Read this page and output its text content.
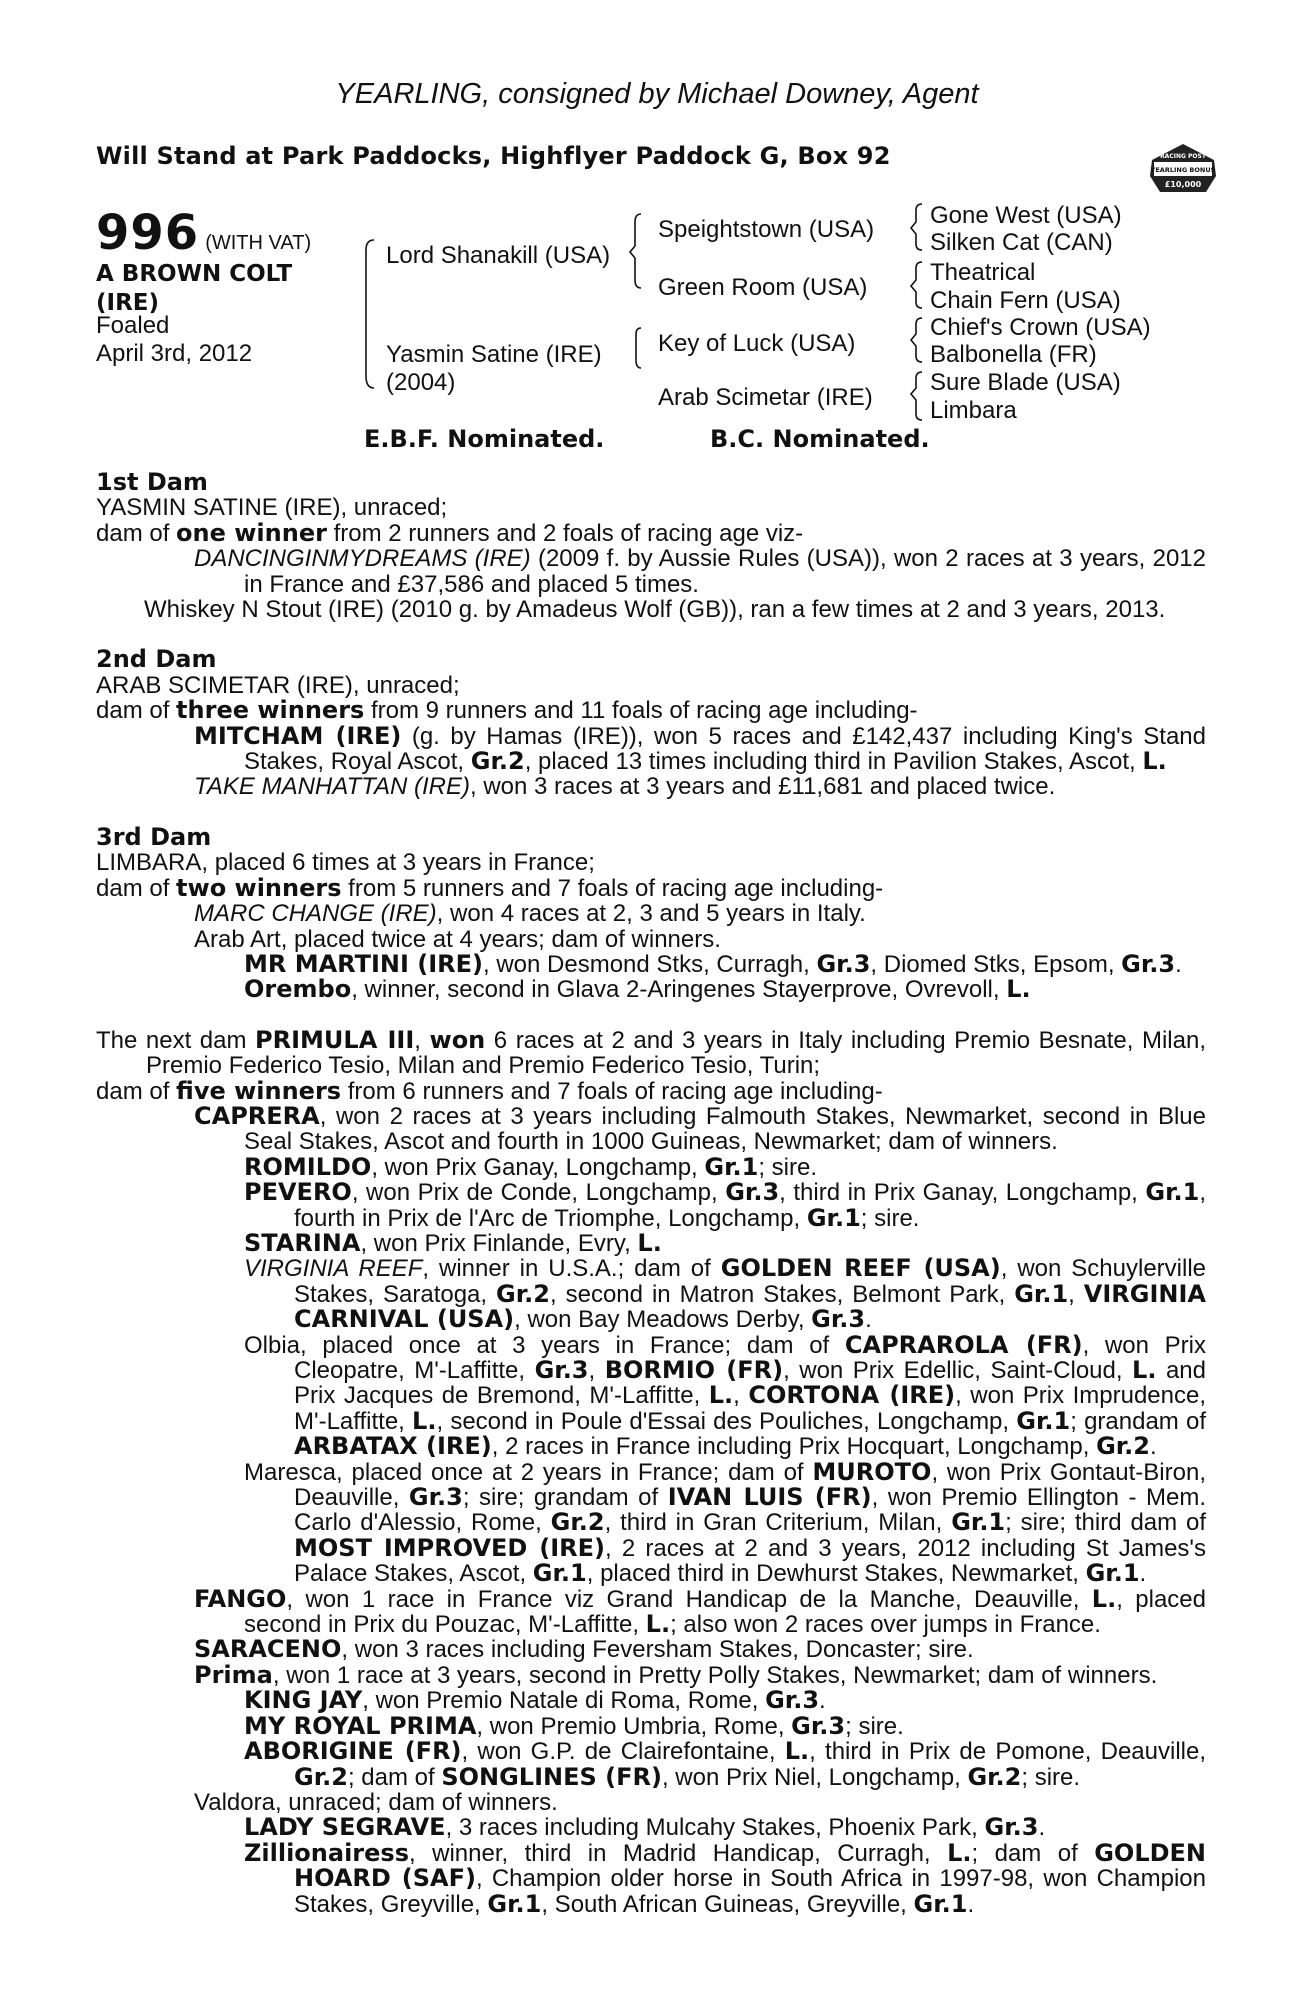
YEARLING, consigned by Michael Downey, Agent
Will Stand at Park Paddocks, Highflyer Paddock G, Box 92	RACING POST
YEARLING BONUS
£10,000
996 (WITH VAT)
A BROWN COLT
(IRE)
Foaled
April 3rd, 2012
Lord Shanakill (USA)
Yasmin Satine (IRE)
(2004)
Speightstown (USA)
Green Room (USA)
Key of Luck (USA)
Arab Scimetar (IRE)
Gone West (USA)
Silken Cat (CAN)
Theatrical
Chain Fern (USA)
Chief's Crown (USA)
Balbonella (FR)
Sure Blade (USA)
Limbara
E.B.F. Nominated.	B.C. Nominated.

1st Dam

YASMIN SATINE (IRE), unraced;

dam of one winner from 2 runners and 2 foals of racing age viz-

DANCINGINMYDREAMS (IRE) (2009 f. by Aussie Rules (USA)), won 2 races at 3 years, 2012 in France and £37,586 and placed 5 times.

Whiskey N Stout (IRE) (2010 g. by Amadeus Wolf (GB)), ran a few times at 2 and 3 years, 2013.

2nd Dam

ARAB SCIMETAR (IRE), unraced;

dam of three winners from 9 runners and 11 foals of racing age including-

MITCHAM (IRE) (g. by Hamas (IRE)), won 5 races and £142,437 including King's Stand Stakes, Royal Ascot, Gr.2, placed 13 times including third in Pavilion Stakes, Ascot, L.

TAKE MANHATTAN (IRE), won 3 races at 3 years and £11,681 and placed twice.

3rd Dam

LIMBARA, placed 6 times at 3 years in France;

dam of two winners from 5 runners and 7 foals of racing age including-

MARC CHANGE (IRE), won 4 races at 2, 3 and 5 years in Italy.

Arab Art, placed twice at 4 years; dam of winners.

MR MARTINI (IRE), won Desmond Stks, Curragh, Gr.3, Diomed Stks, Epsom, Gr.3.

Orembo, winner, second in Glava 2-Aringenes Stayerprove, Ovrevoll, L.

The next dam PRIMULA III, won 6 races at 2 and 3 years in Italy including Premio Besnate, Milan, Premio Federico Tesio, Milan and Premio Federico Tesio, Turin;

dam of five winners from 6 runners and 7 foals of racing age including-

CAPRERA, won 2 races at 3 years including Falmouth Stakes, Newmarket, second in Blue Seal Stakes, Ascot and fourth in 1000 Guineas, Newmarket; dam of winners.

ROMILDO, won Prix Ganay, Longchamp, Gr.1; sire.

PEVERO, won Prix de Conde, Longchamp, Gr.3, third in Prix Ganay, Longchamp, Gr.1, fourth in Prix de l'Arc de Triomphe, Longchamp, Gr.1; sire.

STARINA, won Prix Finlande, Evry, L.

VIRGINIA REEF, winner in U.S.A.; dam of GOLDEN REEF (USA), won Schuylerville Stakes, Saratoga, Gr.2, second in Matron Stakes, Belmont Park, Gr.1, VIRGINIA CARNIVAL (USA), won Bay Meadows Derby, Gr.3.

Olbia, placed once at 3 years in France; dam of CAPRAROLA (FR), won Prix Cleopatre, M'-Laffitte, Gr.3, BORMIO (FR), won Prix Edellic, Saint-Cloud, L. and Prix Jacques de Bremond, M'-Laffitte, L., CORTONA (IRE), won Prix Imprudence, M'-Laffitte, L., second in Poule d'Essai des Pouliches, Longchamp, Gr.1; grandam of ARBATAX (IRE), 2 races in France including Prix Hocquart, Longchamp, Gr.2.

Maresca, placed once at 2 years in France; dam of MUROTO, won Prix Gontaut-Biron, Deauville, Gr.3; sire; grandam of IVAN LUIS (FR), won Premio Ellington - Mem. Carlo d'Alessio, Rome, Gr.2, third in Gran Criterium, Milan, Gr.1; sire; third dam of MOST IMPROVED (IRE), 2 races at 2 and 3 years, 2012 including St James's Palace Stakes, Ascot, Gr.1, placed third in Dewhurst Stakes, Newmarket, Gr.1.

FANGO, won 1 race in France viz Grand Handicap de la Manche, Deauville, L., placed second in Prix du Pouzac, M'-Laffitte, L.; also won 2 races over jumps in France.

SARACENO, won 3 races including Feversham Stakes, Doncaster; sire.

Prima, won 1 race at 3 years, second in Pretty Polly Stakes, Newmarket; dam of winners.

KING JAY, won Premio Natale di Roma, Rome, Gr.3.

MY ROYAL PRIMA, won Premio Umbria, Rome, Gr.3; sire.

ABORIGINE (FR), won G.P. de Clairefontaine, L., third in Prix de Pomone, Deauville, Gr.2; dam of SONGLINES (FR), won Prix Niel, Longchamp, Gr.2; sire.

Valdora, unraced; dam of winners.

LADY SEGRAVE, 3 races including Mulcahy Stakes, Phoenix Park, Gr.3.

Zillionairess, winner, third in Madrid Handicap, Curragh, L.; dam of GOLDEN HOARD (SAF), Champion older horse in South Africa in 1997-98, won Champion Stakes, Greyville, Gr.1, South African Guineas, Greyville, Gr.1.
